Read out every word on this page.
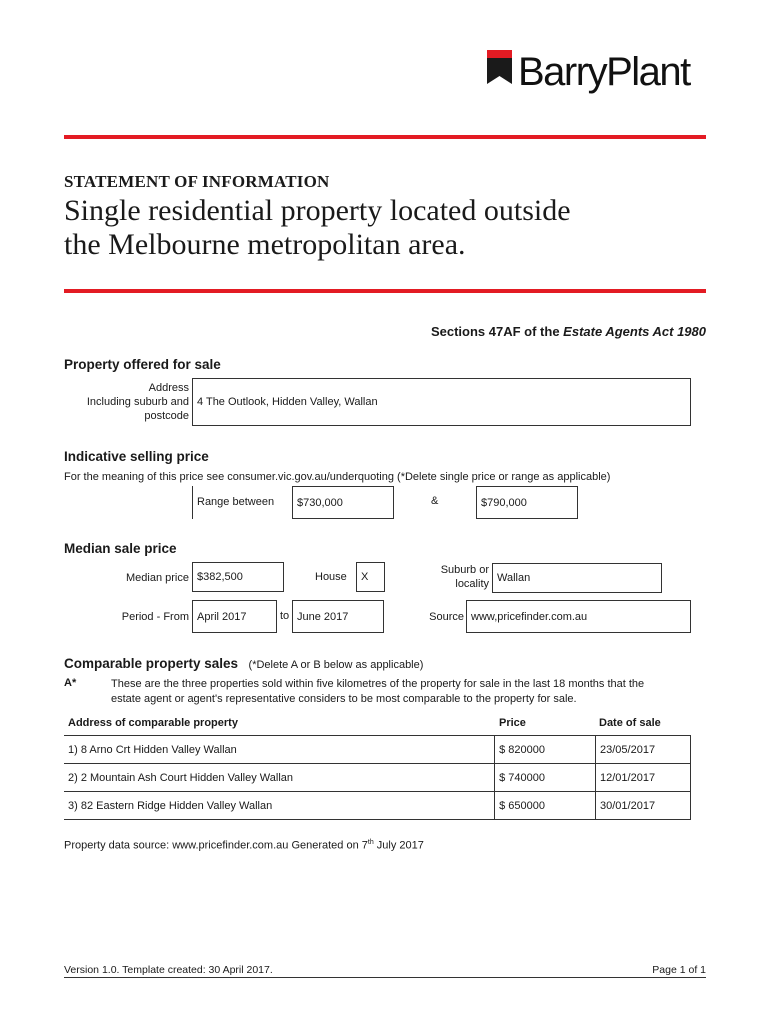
BarryPlant
STATEMENT OF INFORMATION
Single residential property located outside
the Melbourne metropolitan area.
Sections 47AF of the Estate Agents Act 1980
Property offered for sale
Address
Including suburb and
postcode
4 The Outlook, Hidden Valley, Wallan
Indicative selling price
For the meaning of this price see consumer.vic.gov.au/underquoting (*Delete single price or range as applicable)
Range between $730,000	&	$790,000
Median sale price
Median price $382,500	House X
Suburb or
locality Wallan
Period - From April 2017	to June 2017	Source www,pricefinder.com.au
Comparable property sales (*Delete A or B below as applicable)
A*	These are the three properties sold within five kilometres of the property for sale in the last 18 months that the
estate agent or agent's representative considers to be most comparable to the property for sale.
Address of comparable property	Price	Date of sale
1) 8 Arno Crt Hidden Valley Wallan	$ 820000	23/05/2017
2) 2 Mountain Ash Court Hidden Valley Wallan	$ 740000	12/01/2017
3) 82 Eastern Ridge Hidden Valley Wallan	$ 650000	30/01/2017
Property data source: www.pricefinder.com.au Generated on 7th July 2017
Version 1.0. Template created: 30 April 2017.	Page 1 of 1
